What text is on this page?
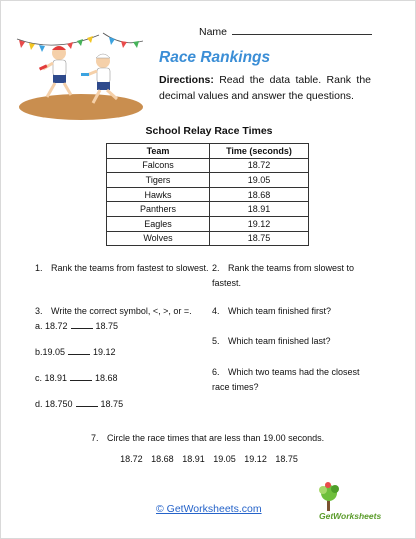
Name
Race Rankings
Directions: Read the data table. Rank the decimal values and answer the questions.
School Relay Race Times
Team	Time (seconds)
Falcons	18.72
Tigers	19.05
Hawks	18.68
Panthers	18.91
Eagles	19.12
Wolves	18.75
1. Rank the teams from fastest to slowest.
3. Write the correct symbol, <, >, or =.
a. 18.72	18.75
b.19.05	19.12
c. 18.91	18.68
d. 18.750	18.75
2. Rank the teams from slowest to fastest.
4. Which team finished first?
5. Which team finished last?
6. Which two teams had the closest race times?
7. Circle the race times that are less than 19.00 seconds.
18.72 18.68 18.91 19.05 19.12 18.75
© GetWorksheets.com
GetWorksheets
